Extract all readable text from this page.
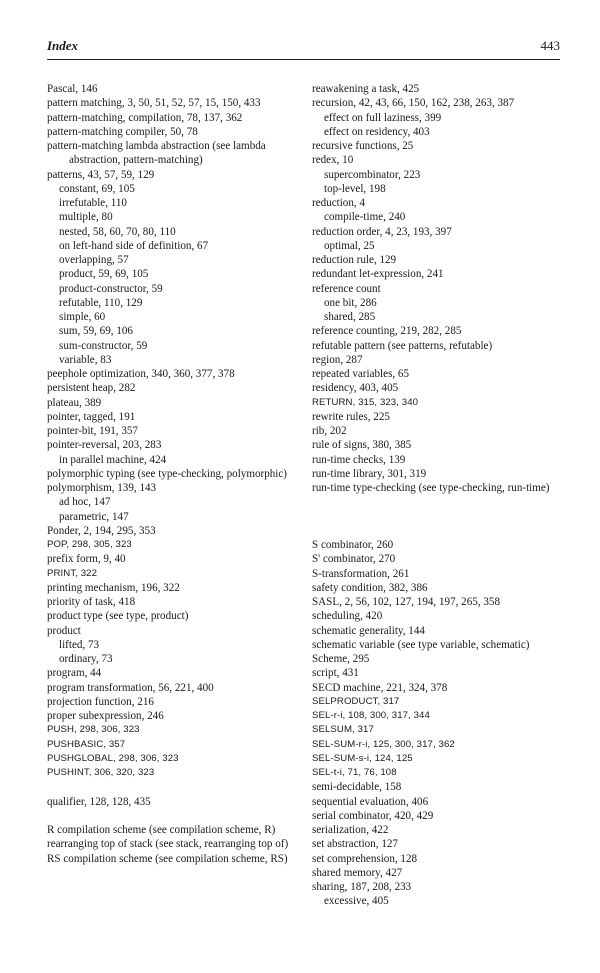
Index	443
Pascal, 146
pattern matching, 3, 50, 51, 52, 57, 15, 150, 433
pattern-matching, compilation, 78, 137, 362
pattern-matching compiler, 50, 78
pattern-matching lambda abstraction (see lambda abstraction, pattern-matching)
patterns, 43, 57, 59, 129
constant, 69, 105
irrefutable, 110
multiple, 80
nested, 58, 60, 70, 80, 110
on left-hand side of definition, 67
overlapping, 57
product, 59, 69, 105
product-constructor, 59
refutable, 110, 129
simple, 60
sum, 59, 69, 106
sum-constructor, 59
variable, 83
peephole optimization, 340, 360, 377, 378
persistent heap, 282
plateau, 389
pointer, tagged, 191
pointer-bit, 191, 357
pointer-reversal, 203, 283
in parallel machine, 424
polymorphic typing (see type-checking, polymorphic)
polymorphism, 139, 143
ad hoc, 147
parametric, 147
Ponder, 2, 194, 295, 353
POP, 298, 305, 323
prefix form, 9, 40
PRINT, 322
printing mechanism, 196, 322
priority of task, 418
product type (see type, product)
product
lifted, 73
ordinary, 73
program, 44
program transformation, 56, 221, 400
projection function, 216
proper subexpression, 246
PUSH, 298, 306, 323
PUSHBASIC, 357
PUSHGLOBAL, 298, 306, 323
PUSHINT, 306, 320, 323
qualifier, 128, 128, 435
R compilation scheme (see compilation scheme, R)
rearranging top of stack (see stack, rearranging top of)
RS compilation scheme (see compilation scheme, RS)
reawakening a task, 425
recursion, 42, 43, 66, 150, 162, 238, 263, 387
effect on full laziness, 399
effect on residency, 403
recursive functions, 25
redex, 10
supercombinator, 223
top-level, 198
reduction, 4
compile-time, 240
reduction order, 4, 23, 193, 397
optimal, 25
reduction rule, 129
redundant let-expression, 241
reference count
one bit, 286
shared, 285
reference counting, 219, 282, 285
refutable pattern (see patterns, refutable)
region, 287
repeated variables, 65
residency, 403, 405
RETURN, 315, 323, 340
rewrite rules, 225
rib, 202
rule of signs, 380, 385
run-time checks, 139
run-time library, 301, 319
run-time type-checking (see type-checking, run-time)
S combinator, 260
S' combinator, 270
S-transformation, 261
safety condition, 382, 386
SASL, 2, 56, 102, 127, 194, 197, 265, 358
scheduling, 420
schematic generality, 144
schematic variable (see type variable, schematic)
Scheme, 295
script, 431
SECD machine, 221, 324, 378
SELPRODUCT, 317
SEL-r-i, 108, 300, 317, 344
SELSUM, 317
SEL-SUM-r-i, 125, 300, 317, 362
SEL-SUM-s-i, 124, 125
SEL-t-i, 71, 76, 108
semi-decidable, 158
sequential evaluation, 406
serial combinator, 420, 429
serialization, 422
set abstraction, 127
set comprehension, 128
shared memory, 427
sharing, 187, 208, 233
excessive, 405
